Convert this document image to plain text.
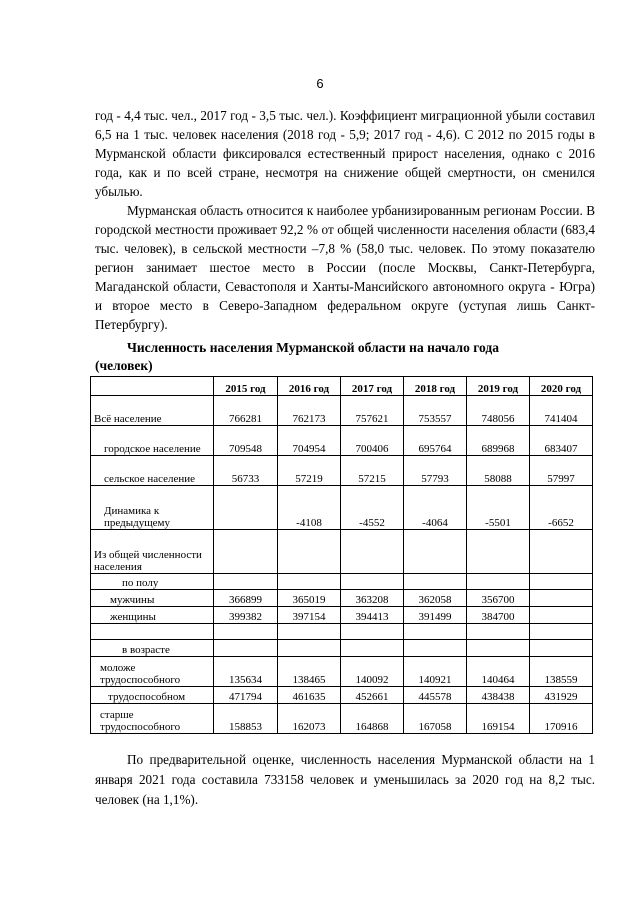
6

год - 4,4 тыс. чел., 2017 год - 3,5 тыс. чел.). Коэффициент миграционной убыли составил 6,5 на 1 тыс. человек населения (2018 год - 5,9; 2017 год - 4,6). С 2012 по 2015 годы в Мурманской области фиксировался естественный прирост населения, однако с 2016 года, как и по всей стране, несмотря на снижение общей смертности, он сменился убылью.

Мурманская область относится к наиболее урбанизированным регионам России. В городской местности проживает 92,2 % от общей численности населения области (683,4 тыс. человек), в сельской местности –7,8 % (58,0 тыс. человек. По этому показателю регион занимает шестое место в России (после Москвы, Санкт-Петербурга, Магаданской области, Севастополя и Ханты-Мансийского автономного округа - Югра) и второе место в Северо-Западном федеральном округе (уступая лишь Санкт-Петербургу).

Численность населения Мурманской области на начало года
(человек)
	2015 год	2016 год	2017 год	2018 год	2019 год	2020 год
Всё население	766281	762173	757621	753557	748056	741404
городское население	709548	704954	700406	695764	689968	683407
сельское население	56733	57219	57215	57793	58088	57997
Динамика к предыдущему		-4108	-4552	-4064	-5501	-6652
Из общей численности населения						
по полу						
мужчины	366899	365019	363208	362058	356700	
женщины	399382	397154	394413	391499	384700	

в возрасте						
моложе трудоспособного	135634	138465	140092	140921	140464	138559
трудоспособном	471794	461635	452661	445578	438438	431929
старше трудоспособного	158853	162073	164868	167058	169154	170916

По предварительной оценке, численность населения Мурманской области на 1 января 2021 года составила 733158 человек и уменьшилась за 2020 год на 8,2 тыс. человек (на 1,1%).
